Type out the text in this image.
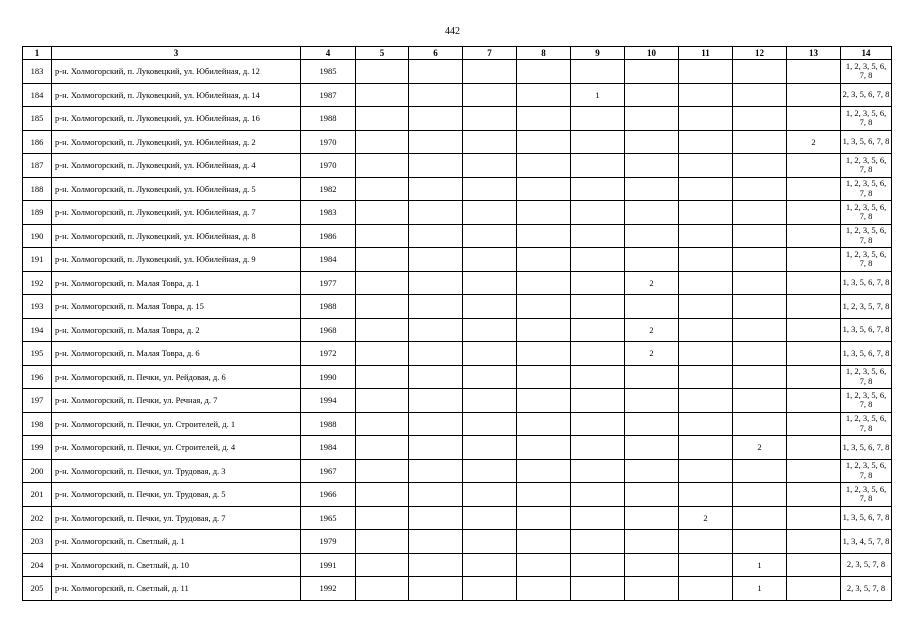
442
1	3	4	5	6	7	8	9	10	11	12	13	14
183	р-н. Холмогорский, п. Луковецкий, ул. Юбилейная, д. 12	1985										1, 2, 3, 5, 6, 7, 8
184	р-н. Холмогорский, п. Луковецкий, ул. Юбилейная, д. 14	1987					1					2, 3, 5, 6, 7, 8
185	р-н. Холмогорский, п. Луковецкий, ул. Юбилейная, д. 16	1988										1, 2, 3, 5, 6, 7, 8
186	р-н. Холмогорский, п. Луковецкий, ул. Юбилейная, д. 2	1970									2	1, 3, 5, 6, 7, 8
187	р-н. Холмогорский, п. Луковецкий, ул. Юбилейная, д. 4	1970										1, 2, 3, 5, 6, 7, 8
188	р-н. Холмогорский, п. Луковецкий, ул. Юбилейная, д. 5	1982										1, 2, 3, 5, 6, 7, 8
189	р-н. Холмогорский, п. Луковецкий, ул. Юбилейная, д. 7	1983										1, 2, 3, 5, 6, 7, 8
190	р-н. Холмогорский, п. Луковецкий, ул. Юбилейная, д. 8	1986										1, 2, 3, 5, 6, 7, 8
191	р-н. Холмогорский, п. Луковецкий, ул. Юбилейная, д. 9	1984										1, 2, 3, 5, 6, 7, 8
192	р-н. Холмогорский, п. Малая Товра, д. 1	1977						2				1, 3, 5, 6, 7, 8
193	р-н. Холмогорский, п. Малая Товра, д. 15	1988										1, 2, 3, 5, 7, 8
194	р-н. Холмогорский, п. Малая Товра, д. 2	1968						2				1, 3, 5, 6, 7, 8
195	р-н. Холмогорский, п. Малая Товра, д. 6	1972						2				1, 3, 5, 6, 7, 8
196	р-н. Холмогорский, п. Печки, ул. Рейдовая, д. 6	1990										1, 2, 3, 5, 6, 7, 8
197	р-н. Холмогорский, п. Печки, ул. Речная, д. 7	1994										1, 2, 3, 5, 6, 7, 8
198	р-н. Холмогорский, п. Печки, ул. Строителей, д. 1	1988										1, 2, 3, 5, 6, 7, 8
199	р-н. Холмогорский, п. Печки, ул. Строителей, д. 4	1984								2		1, 3, 5, 6, 7, 8
200	р-н. Холмогорский, п. Печки, ул. Трудовая, д. 3	1967										1, 2, 3, 5, 6, 7, 8
201	р-н. Холмогорский, п. Печки, ул. Трудовая, д. 5	1966										1, 2, 3, 5, 6, 7, 8
202	р-н. Холмогорский, п. Печки, ул. Трудовая, д. 7	1965							2			1, 3, 5, 6, 7, 8
203	р-н. Холмогорский, п. Светлый, д. 1	1979										1, 3, 4, 5, 7, 8
204	р-н. Холмогорский, п. Светлый, д. 10	1991								1		2, 3, 5, 7, 8
205	р-н. Холмогорский, п. Светлый, д. 11	1992								1		2, 3, 5, 7, 8
